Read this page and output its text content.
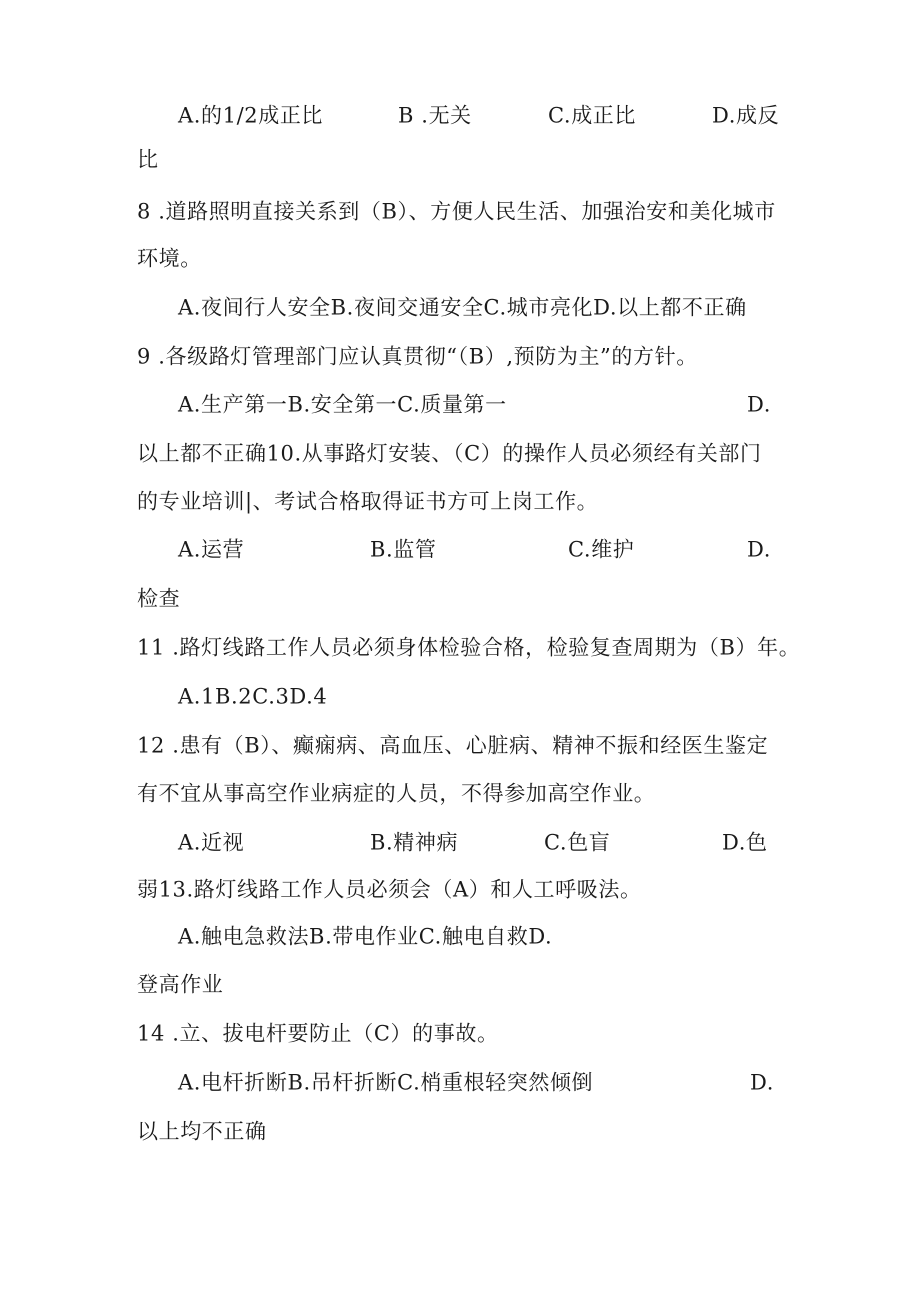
A.的1/2成正比	B .无关	C.成正比	D.成反
比
8 .道路照明直接关系到（B）、方便人民生活、加强治安和美化城市
环境。
A.夜间行人安全B.夜间交通安全C.城市亮化D.以上都不正确
9 .各级路灯管理部门应认真贯彻“（B）,预防为主”的方针。
A.生产第一B.安全第一C.质量第一	D.
以上都不正确10.从事路灯安装、（C）的操作人员必须经有关部门
的专业培训|、考试合格取得证书方可上岗工作。
A.运营	B.监管	C.维护	D.
检查
11 .路灯线路工作人员必须身体检验合格，检验复查周期为（B）年。
A.1B.2C.3D.4
12 .患有（B）、癫痫病、高血压、心脏病、精神不振和经医生鉴定
有不宜从事高空作业病症的人员，不得参加高空作业。
A.近视	B.精神病	C.色盲	D.色
弱13.路灯线路工作人员必须会（A）和人工呼吸法。
A.触电急救法B.带电作业C.触电自救D.
登高作业
14 .立、拔电杆要防止（C）的事故。
A.电杆折断B.吊杆折断C.梢重根轻突然倾倒	D.
以上均不正确
